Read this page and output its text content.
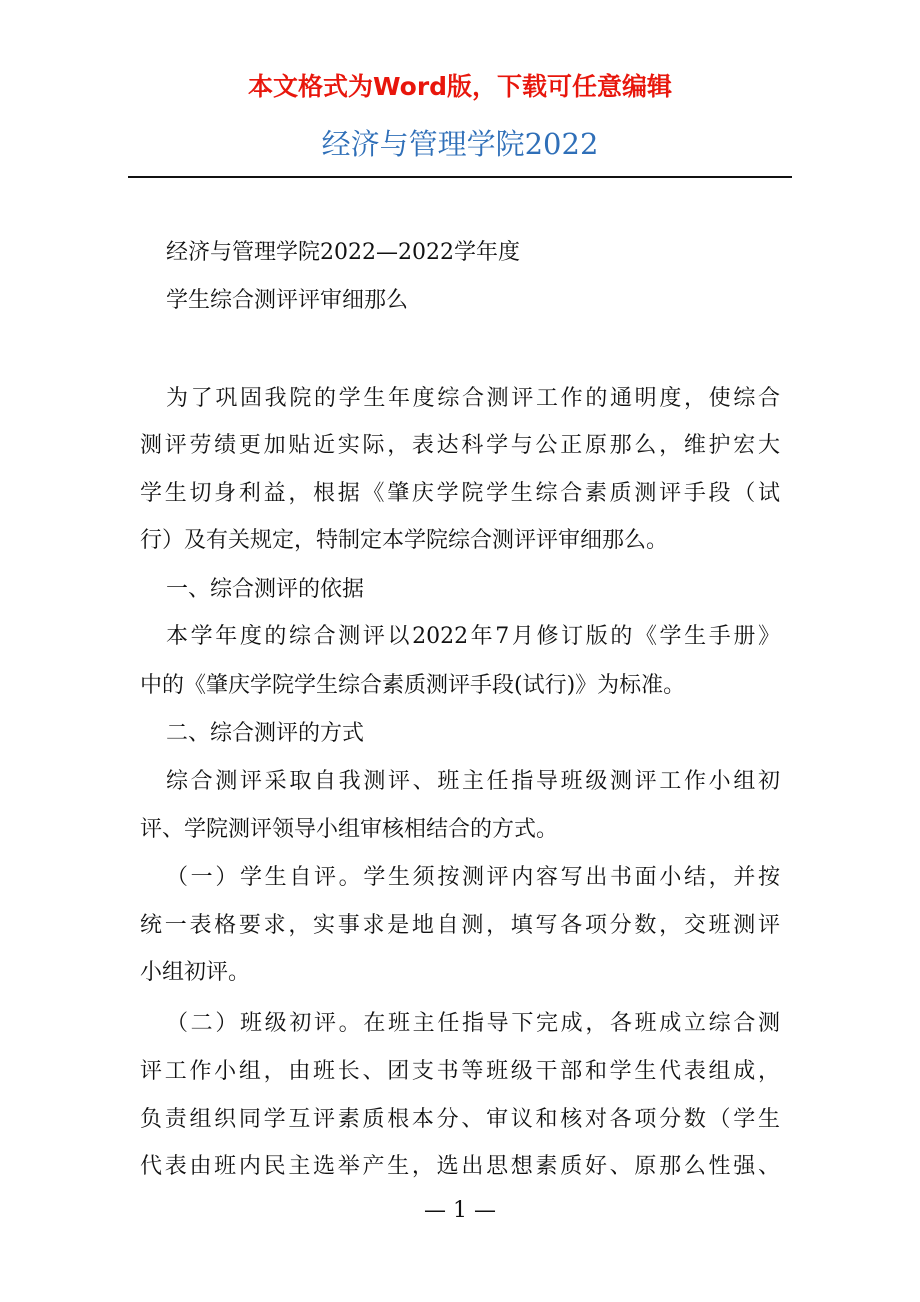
本文格式为Word版，下载可任意编辑
经济与管理学院2022
经济与管理学院2022—2022学年度
学生综合测评评审细那么
为了巩固我院的学生年度综合测评工作的通明度，使综合
测评劳绩更加贴近实际，表达科学与公正原那么，维护宏大
学生切身利益，根据《肇庆学院学生综合素质测评手段（试
行）及有关规定，特制定本学院综合测评评审细那么。
一、综合测评的依据
本学年度的综合测评以2022年7月修订版的《学生手册》
中的《肇庆学院学生综合素质测评手段(试行)》为标准。
二、综合测评的方式
综合测评采取自我测评、班主任指导班级测评工作小组初
评、学院测评领导小组审核相结合的方式。
（一）学生自评。学生须按测评内容写出书面小结，并按
统一表格要求，实事求是地自测，填写各项分数，交班测评
小组初评。
（二）班级初评。在班主任指导下完成，各班成立综合测
评工作小组，由班长、团支书等班级干部和学生代表组成，
负责组织同学互评素质根本分、审议和核对各项分数（学生
代表由班内民主选举产生，选出思想素质好、原那么性强、
— 1 —
